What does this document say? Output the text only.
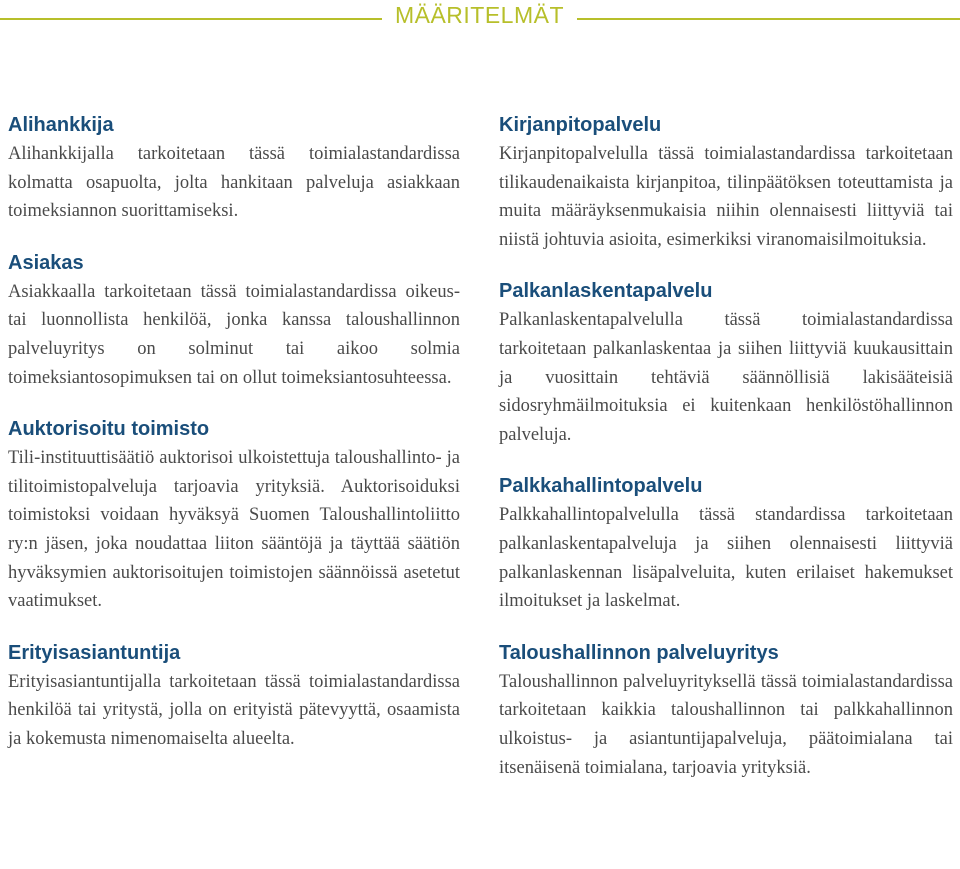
MÄÄRITELMÄT
Alihankkija

Alihankkijalla tarkoitetaan tässä toimialastandardissa kolmatta osapuolta, jolta hankitaan palveluja asiakkaan toimeksiannon suorittamiseksi.

Asiakas

Asiakkaalla tarkoitetaan tässä toimialastandardissa oikeus- tai luonnollista henkilöä, jonka kanssa taloushallinnon palveluyritys on solminut tai aikoo solmia toimeksiantosopimuksen tai on ollut toimeksiantosuhteessa.

Auktorisoitu toimisto

Tili-instituuttisäätiö auktorisoi ulkoistettuja taloushallinto- ja tilitoimistopalveluja tarjoavia yrityksiä. Auktorisoiduksi toimistoksi voidaan hyväksyä Suomen Taloushallintoliitto ry:n jäsen, joka noudattaa liiton sääntöjä ja täyttää säätiön hyväksymien auktorisoitujen toimistojen säännöissä asetetut vaatimukset.

Erityisasiantuntija

Erityisasiantuntijalla tarkoitetaan tässä toimialastandardissa henkilöä tai yritystä, jolla on erityistä pätevyyttä, osaamista ja kokemusta nimenomaiselta alueelta.

Kirjanpitopalvelu

Kirjanpitopalvelulla tässä toimialastandardissa tarkoitetaan tilikaudenaikaista kirjanpitoa, tilinpäätöksen toteuttamista ja muita määräyksenmukaisia niihin olennaisesti liittyviä tai niistä johtuvia asioita, esimerkiksi viranomaisilmoituksia.

Palkanlaskentapalvelu

Palkanlaskentapalvelulla tässä toimialastandardissa tarkoitetaan palkanlaskentaa ja siihen liittyviä kuukausittain ja vuosittain tehtäviä säännöllisiä lakisääteisiä sidosryhmäilmoituksia ei kuitenkaan henkilöstöhallinnon palveluja.

Palkkahallintopalvelu

Palkkahallintopalvelulla tässä standardissa tarkoitetaan palkanlaskentapalveluja ja siihen olennaisesti liittyviä palkanlaskennan lisäpalveluita, kuten erilaiset hakemukset ilmoitukset ja laskelmat.

Taloushallinnon palveluyritys

Taloushallinnon palveluyrityksellä tässä toimialastandardissa tarkoitetaan kaikkia taloushallinnon tai palkkahallinnon ulkoistus- ja asiantuntijapalveluja, päätoimialana tai itsenäisenä toimialana, tarjoavia yrityksiä.
